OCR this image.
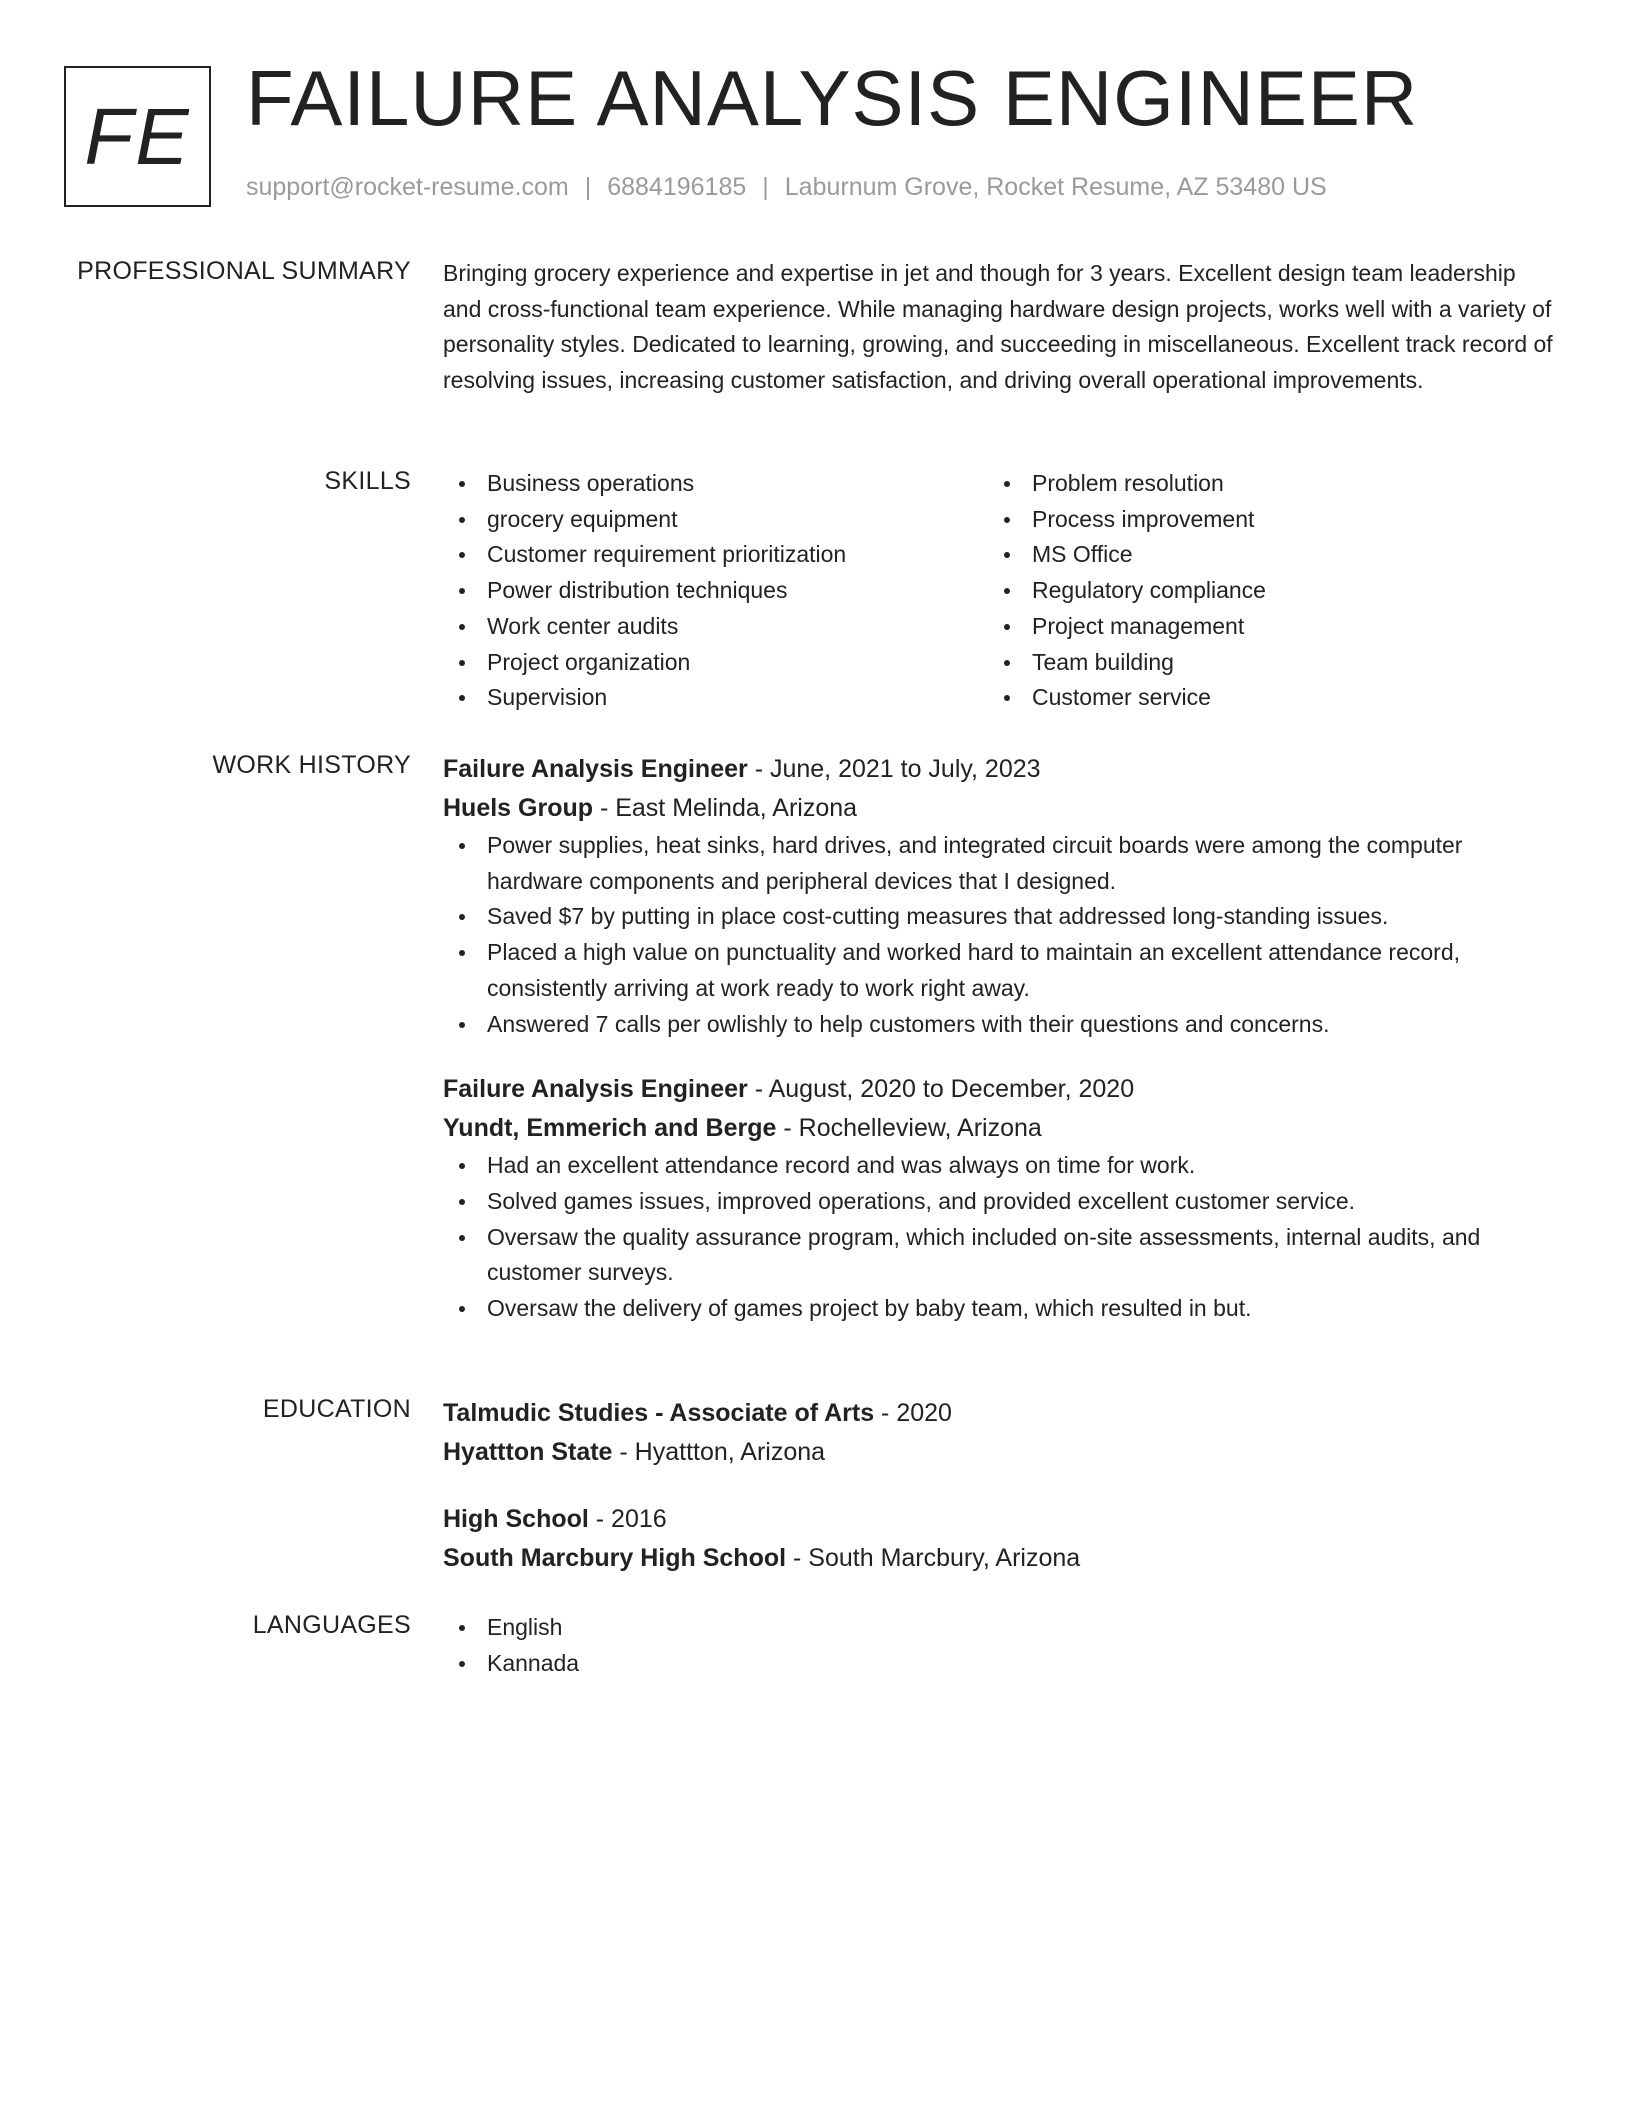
FE FAILURE ANALYSIS ENGINEER
support@rocket-resume.com | 6884196185 | Laburnum Grove, Rocket Resume, AZ 53480 US
PROFESSIONAL SUMMARY Bringing grocery experience and expertise in jet and though for 3 years. Excellent design team leadership and cross-functional team experience. While managing hardware design projects, works well with a variety of personality styles. Dedicated to learning, growing, and succeeding in miscellaneous. Excellent track record of resolving issues, increasing customer satisfaction, and driving overall operational improvements.

SKILLS	Business operations
grocery equipment
Customer requirement prioritization
Power distribution techniques
Work center audits
Project organization
Supervision
Problem resolution
Process improvement
MS Office
Regulatory compliance
Project management
Team building
Customer service
WORK HISTORY Failure Analysis Engineer - June, 2021 to July, 2023
Huels Group - East Melinda, Arizona
Power supplies, heat sinks, hard drives, and integrated circuit boards were among the computer hardware components and peripheral devices that I designed.
Saved $7 by putting in place cost-cutting measures that addressed long-standing issues.
Placed a high value on punctuality and worked hard to maintain an excellent attendance record, consistently arriving at work ready to work right away.
Answered 7 calls per owlishly to help customers with their questions and concerns.
Failure Analysis Engineer - August, 2020 to December, 2020
Yundt, Emmerich and Berge - Rochelleview, Arizona
Had an excellent attendance record and was always on time for work.
Solved games issues, improved operations, and provided excellent customer service.
Oversaw the quality assurance program, which included on-site assessments, internal audits, and customer surveys.
Oversaw the delivery of games project by baby team, which resulted in but.
EDUCATION Talmudic Studies - Associate of Arts - 2020
Hyattton State - Hyattton, Arizona
High School - 2016
South Marcbury High School - South Marcbury, Arizona
LANGUAGES	English
Kannada
